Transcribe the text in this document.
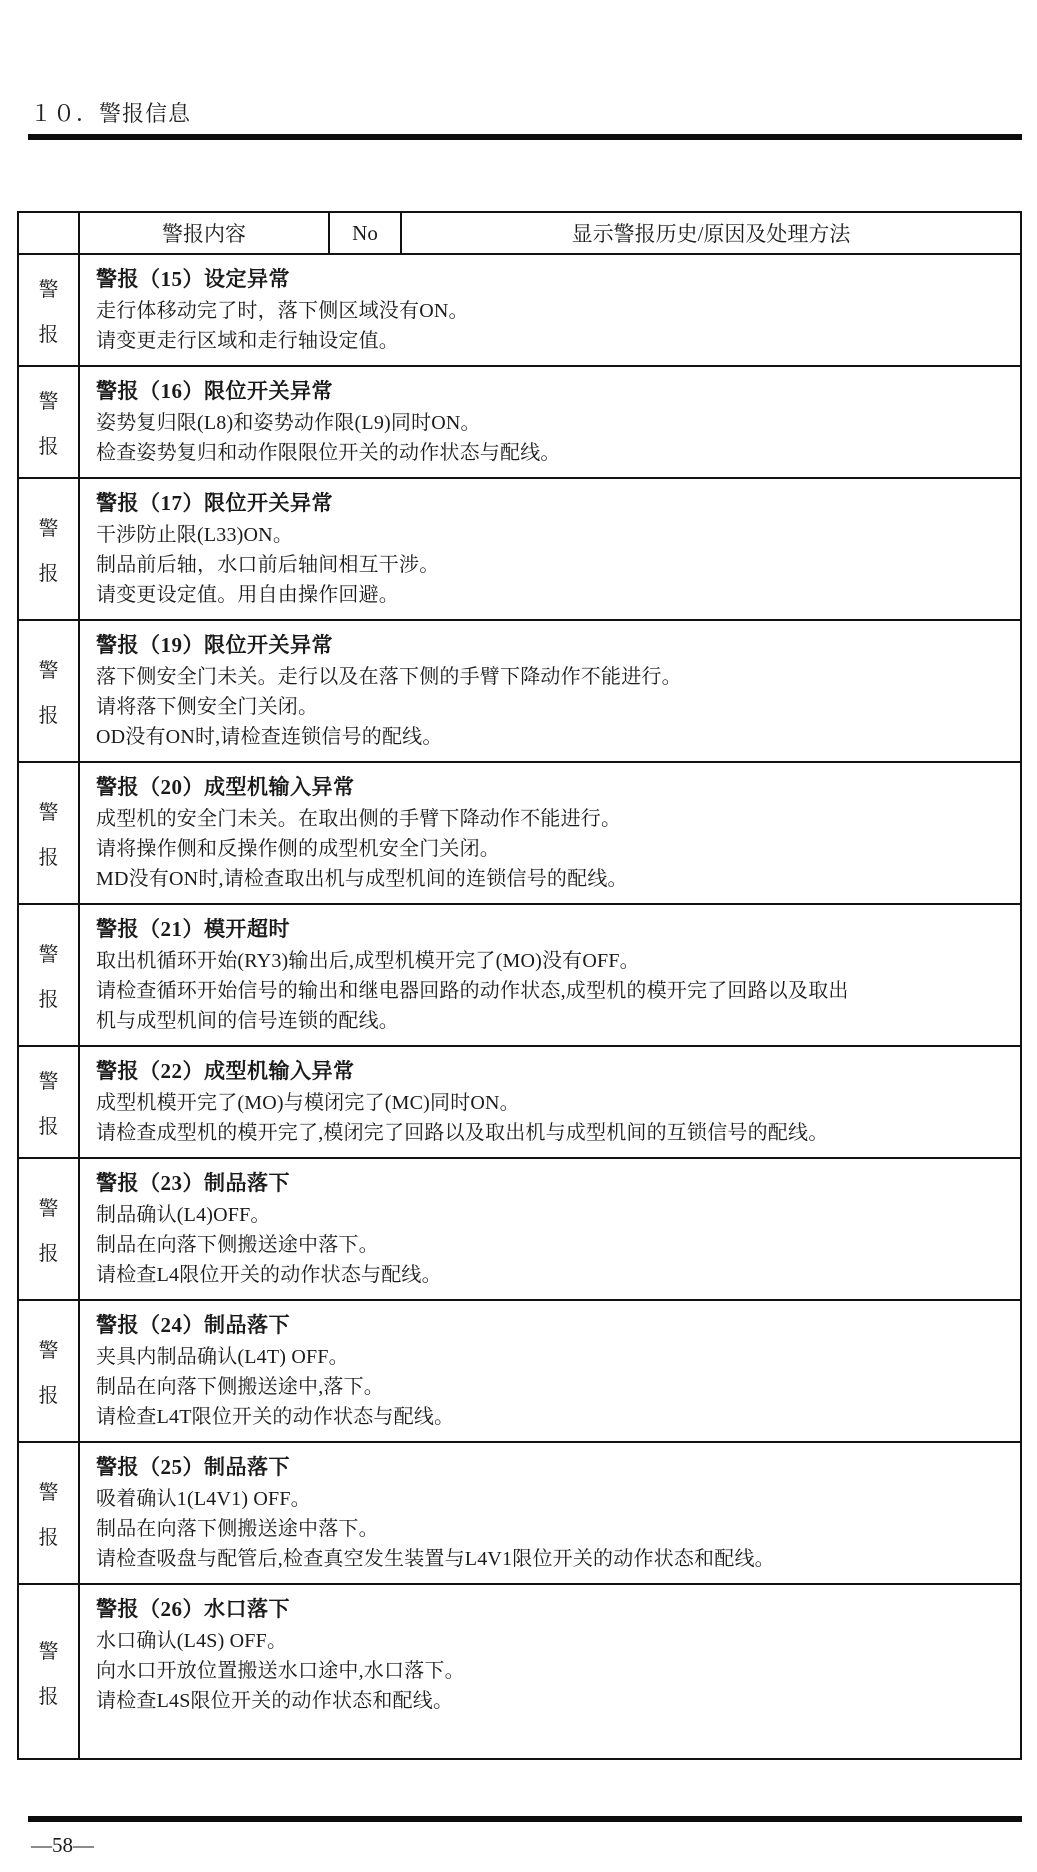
１０．警报信息
	警报内容	No	显示警报历史/原因及处理方法

警
报

警报（15）设定异常
走行体移动完了时，落下侧区域没有ON。
请变更走行区域和走行轴设定值。

警
报

警报（16）限位开关异常
姿势复归限(L8)和姿势动作限(L9)同时ON。
检查姿势复归和动作限限位开关的动作状态与配线。

警
报

警报（17）限位开关异常
干涉防止限(L33)ON。
制品前后轴，水口前后轴间相互干涉。
请变更设定值。用自由操作回避。

警
报

警报（19）限位开关异常
落下侧安全门未关。走行以及在落下侧的手臂下降动作不能进行。
请将落下侧安全门关闭。
OD没有ON时,请检查连锁信号的配线。

警
报

警报（20）成型机输入异常
成型机的安全门未关。在取出侧的手臂下降动作不能进行。
请将操作侧和反操作侧的成型机安全门关闭。
MD没有ON时,请检查取出机与成型机间的连锁信号的配线。

警
报

警报（21）模开超时
取出机循环开始(RY3)输出后,成型机模开完了(MO)没有OFF。
请检查循环开始信号的输出和继电器回路的动作状态,成型机的模开完了回路以及取出
机与成型机间的信号连锁的配线。

警
报

警报（22）成型机输入异常
成型机模开完了(MO)与模闭完了(MC)同时ON。
请检查成型机的模开完了,模闭完了回路以及取出机与成型机间的互锁信号的配线。

警
报

警报（23）制品落下
制品确认(L4)OFF。
制品在向落下侧搬送途中落下。
请检查L4限位开关的动作状态与配线。

警
报

警报（24）制品落下
夹具内制品确认(L4T) OFF。
制品在向落下侧搬送途中,落下。
请检查L4T限位开关的动作状态与配线。

警
报

警报（25）制品落下
吸着确认1(L4V1) OFF。
制品在向落下侧搬送途中落下。
请检查吸盘与配管后,检查真空发生装置与L4V1限位开关的动作状态和配线。

警
报

警报（26）水口落下
水口确认(L4S) OFF。
向水口开放位置搬送水口途中,水口落下。
请检查L4S限位开关的动作状态和配线。
—58—
